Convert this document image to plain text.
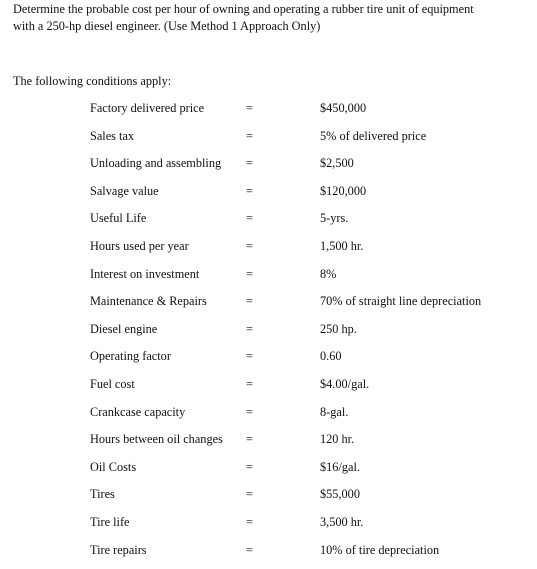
Determine the probable cost per hour of owning and operating a rubber tire unit of equipment
with a 250-hp diesel engineer. (Use Method 1 Approach Only)
The following conditions apply:
Factory delivered price	=	$450,000
Sales tax	=	5% of delivered price
Unloading and assembling =	$2,500
Salvage value	=	$120,000
Useful Life	=	5-yrs.
Hours used per year	=	1,500 hr.
Interest on investment	=	8%
Maintenance & Repairs	=	70% of straight line depreciation
Diesel engine	=	250 hp.
Operating factor	=	0.60
Fuel cost	=	$4.00/gal.
Crankcase capacity	=	8-gal.
Hours between oil changes =	120 hr.
Oil Costs	=	$16/gal.
Tires	=	$55,000
Tire life	=	3,500 hr.
Tire repairs	=	10% of tire depreciation
